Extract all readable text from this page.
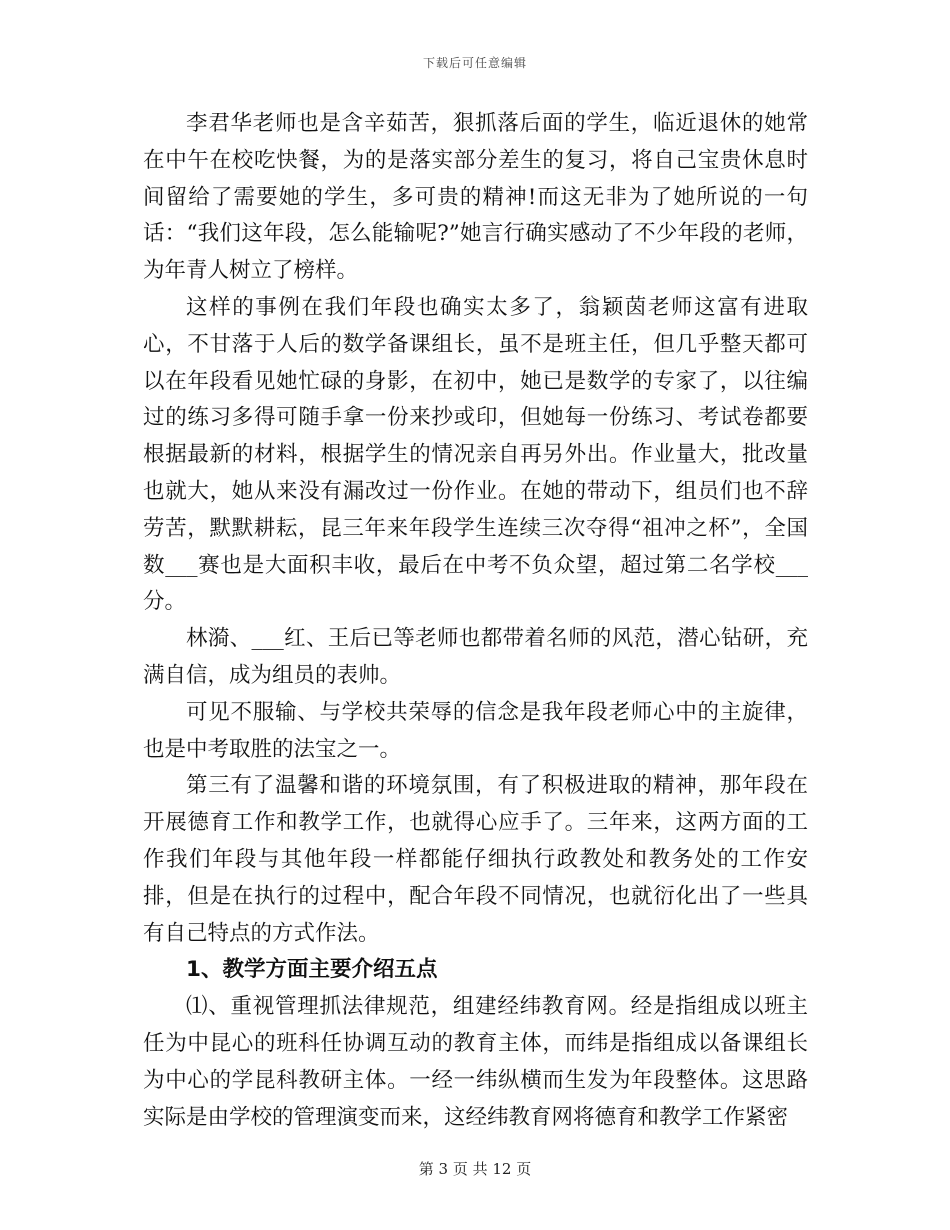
下载后可任意编辑

李君华老师也是含辛茹苦，狠抓落后面的学生，临近退休的她常在中午在校吃快餐，为的是落实部分差生的复习，将自己宝贵休息时间留给了需要她的学生，多可贵的精神!而这无非为了她所说的一句话：“我们这年段，怎么能输呢?”她言行确实感动了不少年段的老师，为年青人树立了榜样。

这样的事例在我们年段也确实太多了，翁颖茵老师这富有进取心，不甘落于人后的数学备课组长，虽不是班主任，但几乎整天都可以在年段看见她忙碌的身影，在初中，她已是数学的专家了，以往编过的练习多得可随手拿一份来抄或印，但她每一份练习、考试卷都要根据最新的材料，根据学生的情况亲自再另外出。作业量大，批改量也就大，她从来没有漏改过一份作业。在她的带动下，组员们也不辞劳苦，默默耕耘，昆三年来年段学生连续三次夺得“祖冲之杯”，全国数___赛也是大面积丰收，最后在中考不负众望，超过第二名学校___分。

林漪、___红、王后已等老师也都带着名师的风范，潜心钻研，充满自信，成为组员的表帅。

可见不服输、与学校共荣辱的信念是我年段老师心中的主旋律，也是中考取胜的法宝之一。

第三有了温馨和谐的环境氛围，有了积极进取的精神，那年段在开展德育工作和教学工作，也就得心应手了。三年来，这两方面的工作我们年段与其他年段一样都能仔细执行政教处和教务处的工作安排，但是在执行的过程中，配合年段不同情况，也就衍化出了一些具有自己特点的方式作法。

1、教学方面主要介绍五点

⑴、重视管理抓法律规范，组建经纬教育网。经是指组成以班主任为中昆心的班科任协调互动的教育主体，而纬是指组成以备课组长为中心的学昆科教研主体。一经一纬纵横而生发为年段整体。这思路实际是由学校的管理演变而来，这经纬教育网将德育和教学工作紧密

第 3 页 共 12 页
